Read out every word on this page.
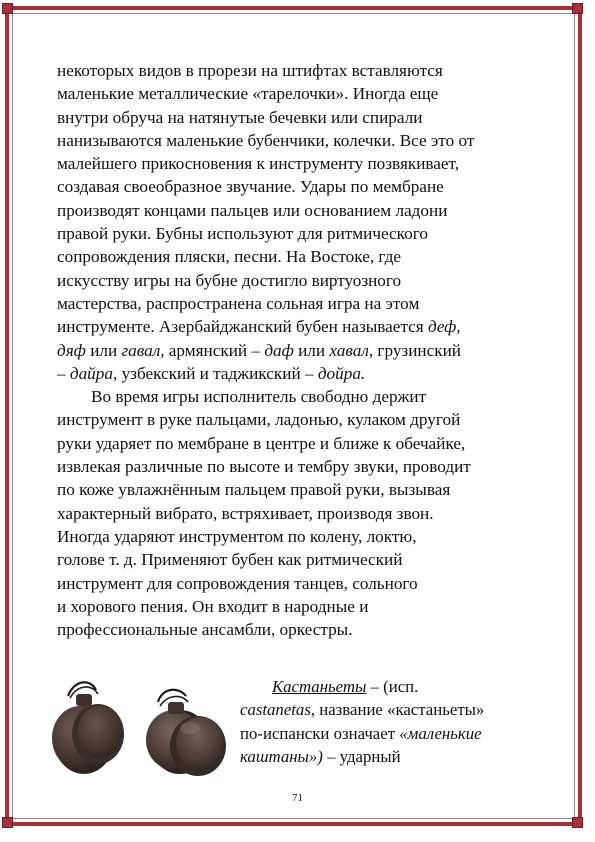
некоторых видов в прорези на штифтах вставляются
маленькие металлические «тарелочки». Иногда еще
внутри обруча на натянутые бечевки или спирали
нанизываются маленькие бубенчики, колечки. Все это от
малейшего прикосновения к инструменту позвякивает,
создавая своеобразное звучание. Удары по мембране
производят концами пальцев или основанием ладони
правой руки. Бубны используют для ритмического
сопровождения пляски, песни. На Востоке, где
искусству игры на бубне достигло виртуозного
мастерства, распространена сольная игра на этом
инструменте. Азербайджанский бубен называется деф,
дяф или гавал, армянский – даф или хавал, грузинский
– дайра, узбекский и таджикский – дойра.
Во время игры исполнитель свободно держит
инструмент в руке пальцами, ладонью, кулаком другой
руки ударяет по мембране в центре и ближе к обечайке,
извлекая различные по высоте и тембру звуки, проводит
по коже увлажнённым пальцем правой руки, вызывая
характерный вибрато, встряхивает, производя звон.
Иногда ударяют инструментом по колену, локтю,
голове т. д. Применяют бубен как ритмический
инструмент для сопровождения танцев, сольного
и хорового пения. Он входит в народные и
профессиональные ансамбли, оркестры.
Кастаньеты – (исп.
castanetas, название «кастаньеты»
по-испански означает «маленькие
каштаны») – ударный
71
